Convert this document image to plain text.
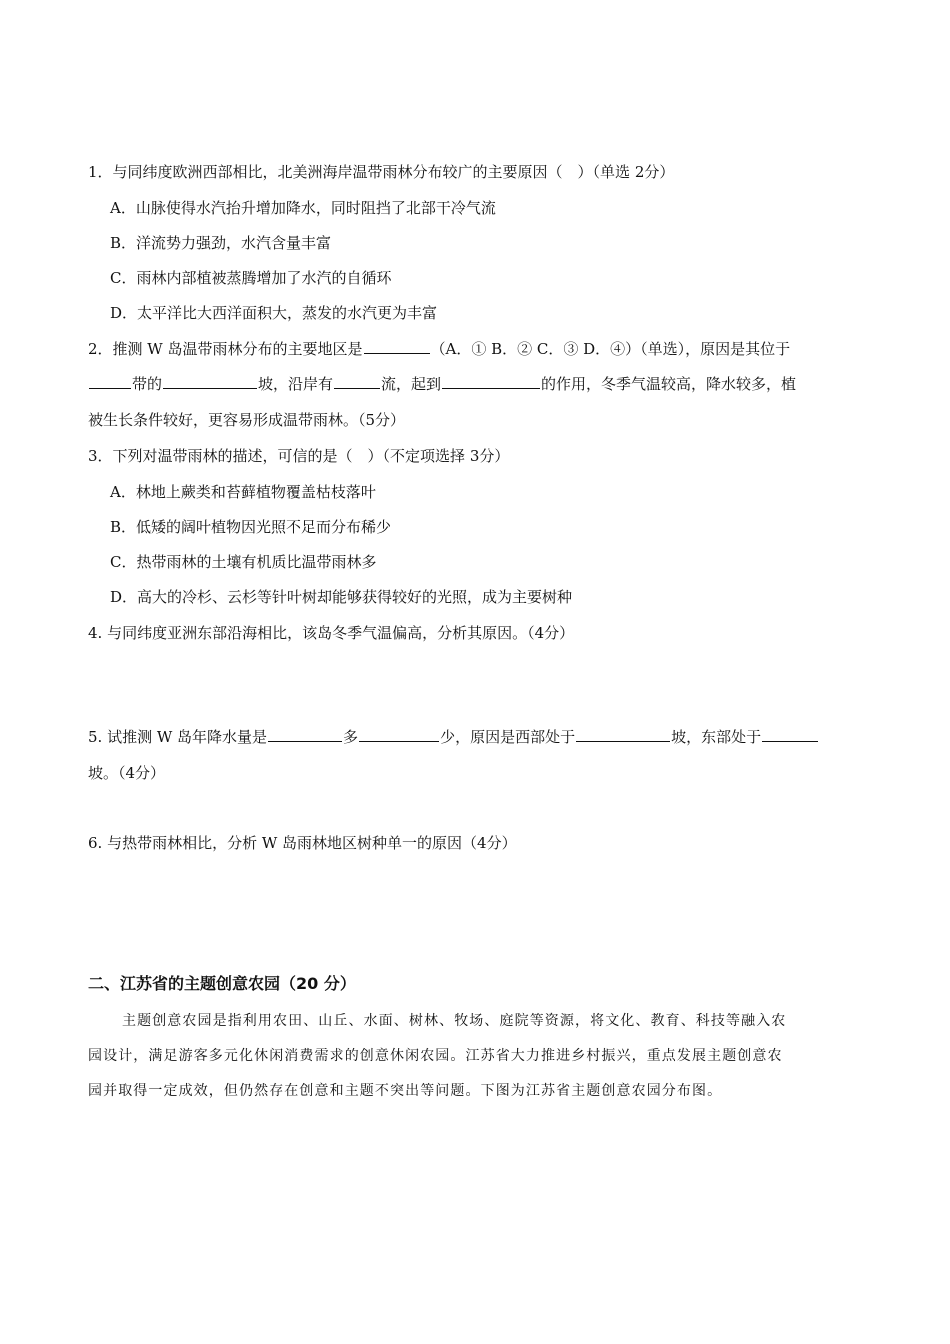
1．与同纬度欧洲西部相比，北美洲海岸温带雨林分布较广的主要原因（　）（单选 2分）
A．山脉使得水汽抬升增加降水，同时阻挡了北部干冷气流
B．洋流势力强劲，水汽含量丰富
C．雨林内部植被蒸腾增加了水汽的自循环
D．太平洋比大西洋面积大，蒸发的水汽更为丰富
2．推测 W 岛温带雨林分布的主要地区是	（A．① B．② C．③ D．④）（单选），原因是其位于
带的	坡，沿岸有	流，起到	的作用，冬季气温较高，降水较多，植
被生长条件较好，更容易形成温带雨林。（5分）
3．下列对温带雨林的描述，可信的是（　）（不定项选择 3分）
A．林地上蕨类和苔藓植物覆盖枯枝落叶
B．低矮的阔叶植物因光照不足而分布稀少
C．热带雨林的土壤有机质比温带雨林多
D．高大的冷杉、云杉等针叶树却能够获得较好的光照，成为主要树种
4. 与同纬度亚洲东部沿海相比，该岛冬季气温偏高，分析其原因。（4分）
5. 试推测 W 岛年降水量是	多	少，原因是西部处于	坡，东部处于
坡。（4分）
6. 与热带雨林相比，分析 W 岛雨林地区树种单一的原因（4分）
二、江苏省的主题创意农园（20 分）
主题创意农园是指利用农田、山丘、水面、树林、牧场、庭院等资源，将文化、教育、科技等融入农
园设计，满足游客多元化休闲消费需求的创意休闲农园。江苏省大力推进乡村振兴，重点发展主题创意农
园并取得一定成效，但仍然存在创意和主题不突出等问题。下图为江苏省主题创意农园分布图。
